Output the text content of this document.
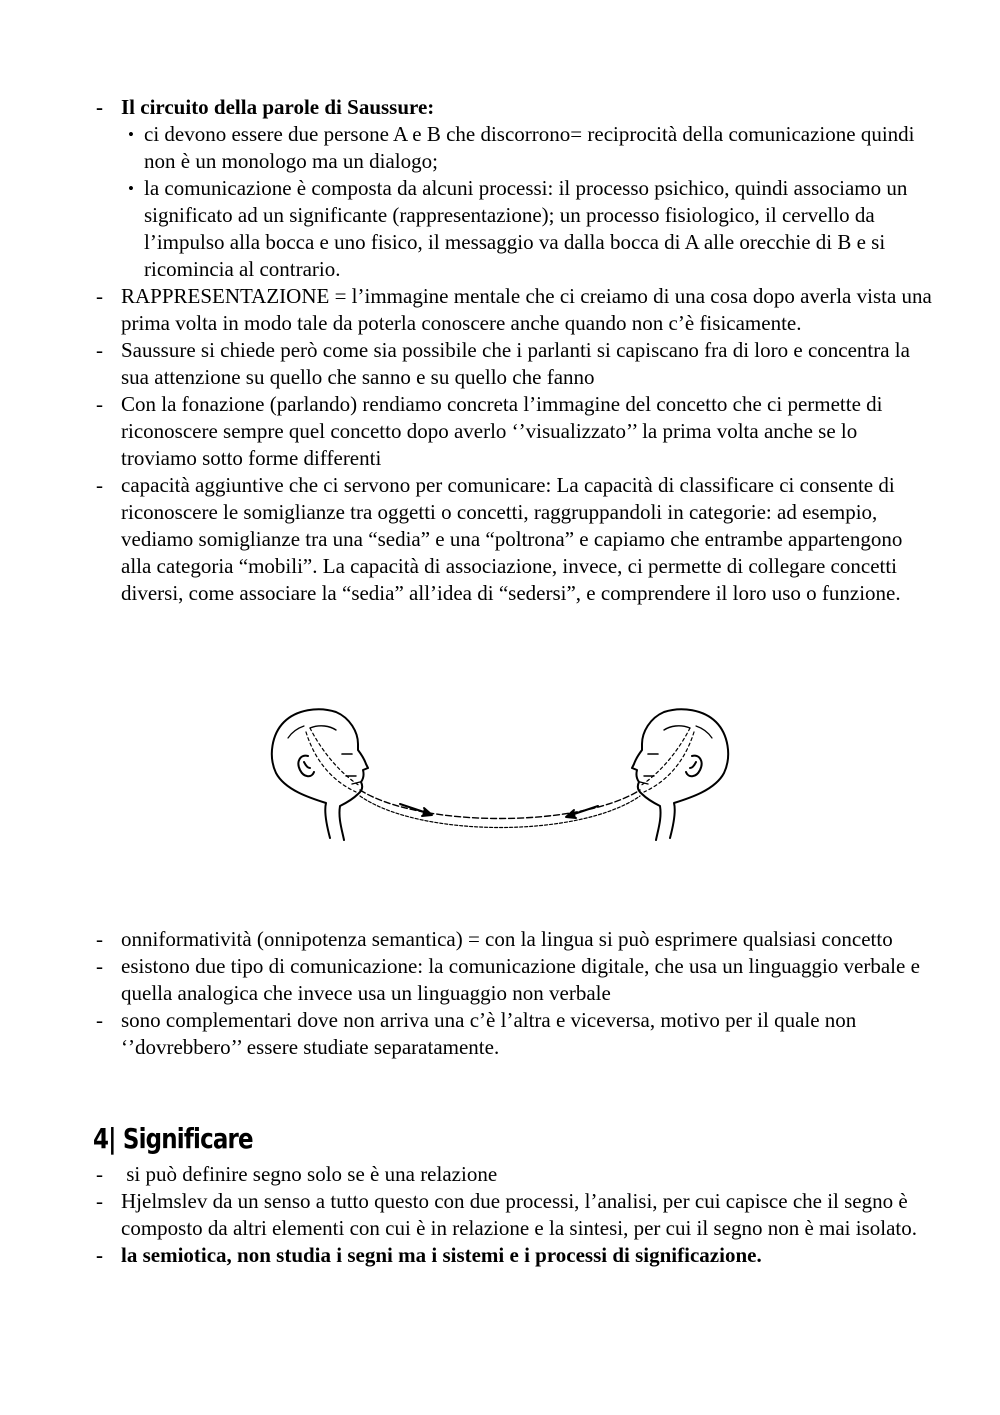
- Il circuito della parole di Saussure:
• ci devono essere due persone A e B che discorrono= reciprocità della comunicazione quindi non è un monologo ma un dialogo;
• la comunicazione è composta da alcuni processi: il processo psichico, quindi associamo un significato ad un significante (rappresentazione); un processo fisiologico, il cervello da l’impulso alla bocca e uno fisico, il messaggio va dalla bocca di A alle orecchie di B e si ricomincia al contrario.
- RAPPRESENTAZIONE = l’immagine mentale che ci creiamo di una cosa dopo averla vista una prima volta in modo tale da poterla conoscere anche quando non c’è fisicamente.
- Saussure si chiede però come sia possibile che i parlanti si capiscano fra di loro e concentra la sua attenzione su quello che sanno e su quello che fanno
- Con la fonazione (parlando) rendiamo concreta l’immagine del concetto che ci permette di riconoscere sempre quel concetto dopo averlo ‘’visualizzato’’ la prima volta anche se lo troviamo sotto forme differenti
- capacità aggiuntive che ci servono per comunicare: La capacità di classificare ci consente di riconoscere le somiglianze tra oggetti o concetti, raggruppandoli in categorie: ad esempio, vediamo somiglianze tra una “sedia” e una “poltrona” e capiamo che entrambe appartengono alla categoria “mobili”. La capacità di associazione, invece, ci permette di collegare concetti diversi, come associare la “sedia” all’idea di “sedersi”, e comprendere il loro uso o funzione.
- onniformatività (onnipotenza semantica) = con la lingua si può esprimere qualsiasi concetto
- esistono due tipo di comunicazione: la comunicazione digitale, che usa un linguaggio verbale e quella analogica che invece usa un linguaggio non verbale
- sono complementari dove non arriva una c’è l’altra e viceversa, motivo per il quale non ‘’dovrebbero’’ essere studiate separatamente.
4| Significare
- si può definire segno solo se è una relazione
- Hjelmslev da un senso a tutto questo con due processi, l’analisi, per cui capisce che il segno è composto da altri elementi con cui è in relazione e la sintesi, per cui il segno non è mai isolato.
- la semiotica, non studia i segni ma i sistemi e i processi di significazione.
